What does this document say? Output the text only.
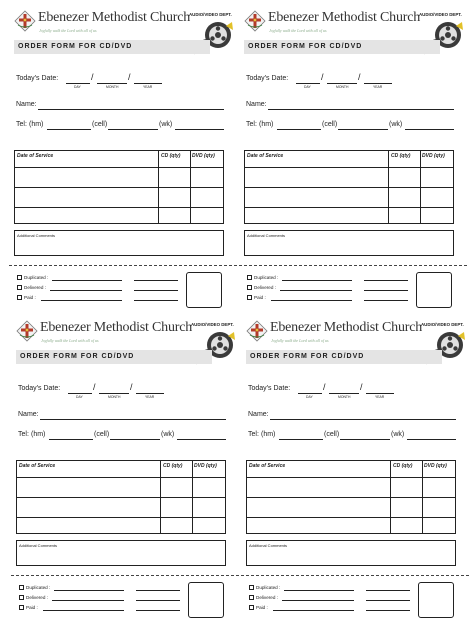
Ebenezer Methodist Church
Joyfully walk the Lord with all of us
AUDIO/VIDEO DEPT.
ORDER FORM FOR CD/DVD
Today's Date:	/	/
DAY	MONTH	YEAR
Name:
Tel: (hm)	(cell)	(wk)
Date of Service	CD (qty) DVD (qty)
Additional Comments
Duplicated :
Delivered :
Paid :
Ebenezer Methodist Church
Joyfully walk the Lord with all of us
AUDIO/VIDEO DEPT.
ORDER FORM FOR CD/DVD
Today's Date:	/	/
DAY	MONTH	YEAR
Name:
Tel: (hm)	(cell)	(wk)
Date of Service	CD (qty) DVD (qty)
Additional Comments
Duplicated :
Delivered :
Paid :
Ebenezer Methodist Church
Joyfully walk the Lord with all of us
AUDIO/VIDEO DEPT.
ORDER FORM FOR CD/DVD
Today's Date:	/	/
DAY	MONTH	YEAR
Name:
Tel: (hm)	(cell)	(wk)
Date of Service	CD (qty) DVD (qty)
Additional Comments
Duplicated :
Delivered :
Paid :
Ebenezer Methodist Church
Joyfully walk the Lord with all of us
AUDIO/VIDEO DEPT.
ORDER FORM FOR CD/DVD
Today's Date:	/	/
DAY	MONTH	YEAR
Name:
Tel: (hm)	(cell)	(wk)
Date of Service	CD (qty) DVD (qty)
Additional Comments
Duplicated :
Delivered :
Paid :
